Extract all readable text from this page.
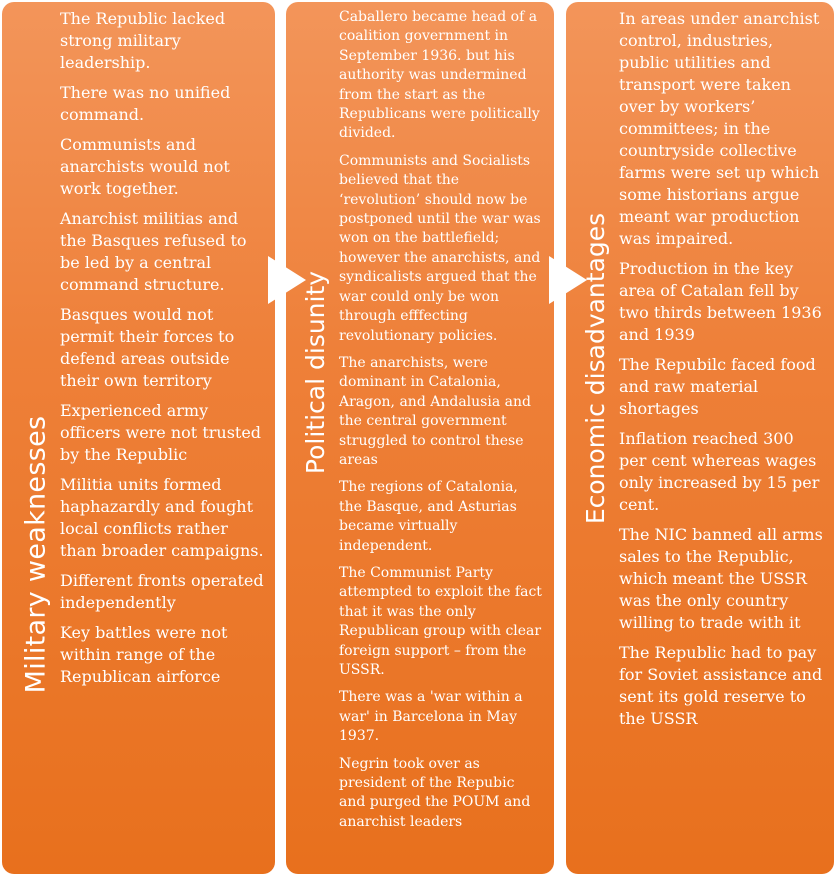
Military weaknesses

The Republic lacked strong military leadership.

There was no unified command.

Communists and anarchists would not work together.

Anarchist militias and the Basques refused to be led by a central command structure.

Basques would not permit their forces to defend areas outside their own territory

Experienced army officers were not trusted by the Republic

Militia units formed haphazardly and fought local conflicts rather than broader campaigns.

Different fronts operated independently

Key battles were not within range of the Republican airforce

Political disunity

Caballero became head of a coalition government in September 1936. but his authority was undermined from the start as the Republicans were politically divided.

Communists and Socialists believed that the ‘revolution’ should now be postponed until the war was won on the battlefield; however the anarchists, and syndicalists argued that the war could only be won through efffecting revolutionary policies.

The anarchists, were dominant in Catalonia, Aragon, and Andalusia and the central government struggled to control these areas

The regions of Catalonia, the Basque, and Asturias became virtually independent.

The Communist Party attempted to exploit the fact that it was the only Republican group with clear foreign support – from the USSR.

There was a 'war within a war' in Barcelona in May 1937.

Negrin took over as president of the Repubic and purged the POUM and anarchist leaders

Economic disadvantages

In areas under anarchist control, industries, public utilities and transport were taken over by workers’ committees; in the countryside collective farms were set up which some historians argue meant war production was impaired.

Production in the key area of Catalan fell by two thirds between 1936 and 1939

The Repubilc faced food and raw material shortages

Inflation reached 300 per cent whereas wages only increased by 15 per cent.

The NIC banned all arms sales to the Republic, which meant the USSR was the only country willing to trade with it

The Republic had to pay for Soviet assistance and sent its gold reserve to the USSR
